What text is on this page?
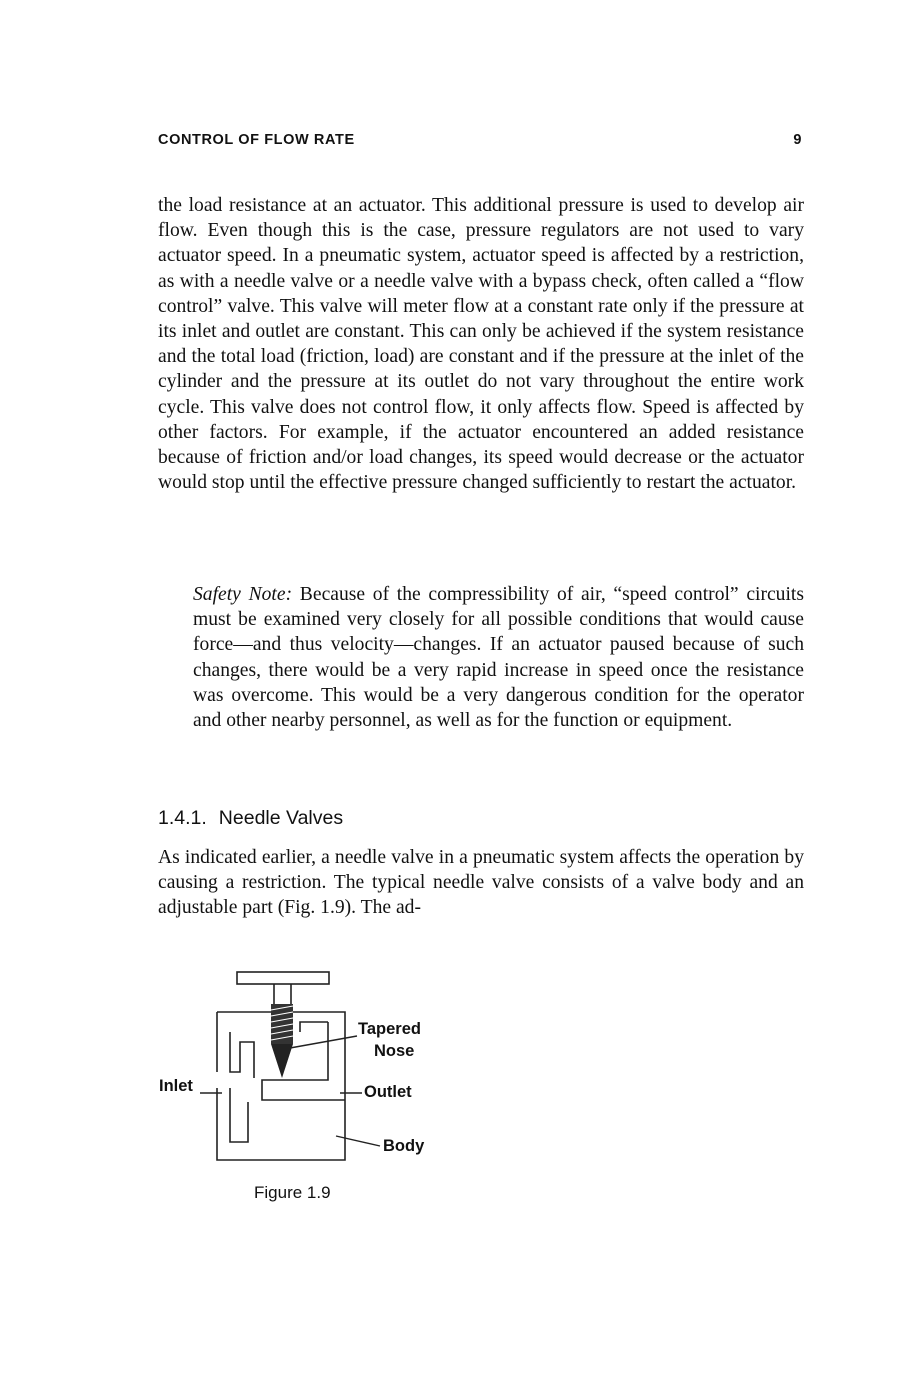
CONTROL OF FLOW RATE	9

the load resistance at an actuator. This additional pressure is used to develop air flow. Even though this is the case, pressure regulators are not used to vary actuator speed. In a pneumatic system, actuator speed is affected by a restriction, as with a needle valve or a needle valve with a bypass check, often called a “flow control” valve. This valve will meter flow at a constant rate only if the pressure at its inlet and outlet are constant. This can only be achieved if the system resistance and the total load (friction, load) are constant and if the pressure at the inlet of the cylinder and the pressure at its outlet do not vary throughout the entire work cycle. This valve does not control flow, it only affects flow. Speed is affected by other factors. For example, if the actuator encountered an added resistance because of friction and/or load changes, its speed would decrease or the actuator would stop until the effective pressure changed sufficiently to restart the actuator.

Safety Note: Because of the compressibility of air, “speed control” circuits must be examined very closely for all possible conditions that would cause force—and thus velocity—changes. If an actuator paused because of such changes, there would be a very rapid increase in speed once the resistance was overcome. This would be a very dangerous condition for the operator and other nearby personnel, as well as for the function or equipment.

1.4.1. Needle Valves

As indicated earlier, a needle valve in a pneumatic system affects the operation by causing a restriction. The typical needle valve consists of a valve body and an adjustable part (Fig. 1.9). The ad-

Tapered
Nose
Inlet	Outlet
Body
Figure 1.9
